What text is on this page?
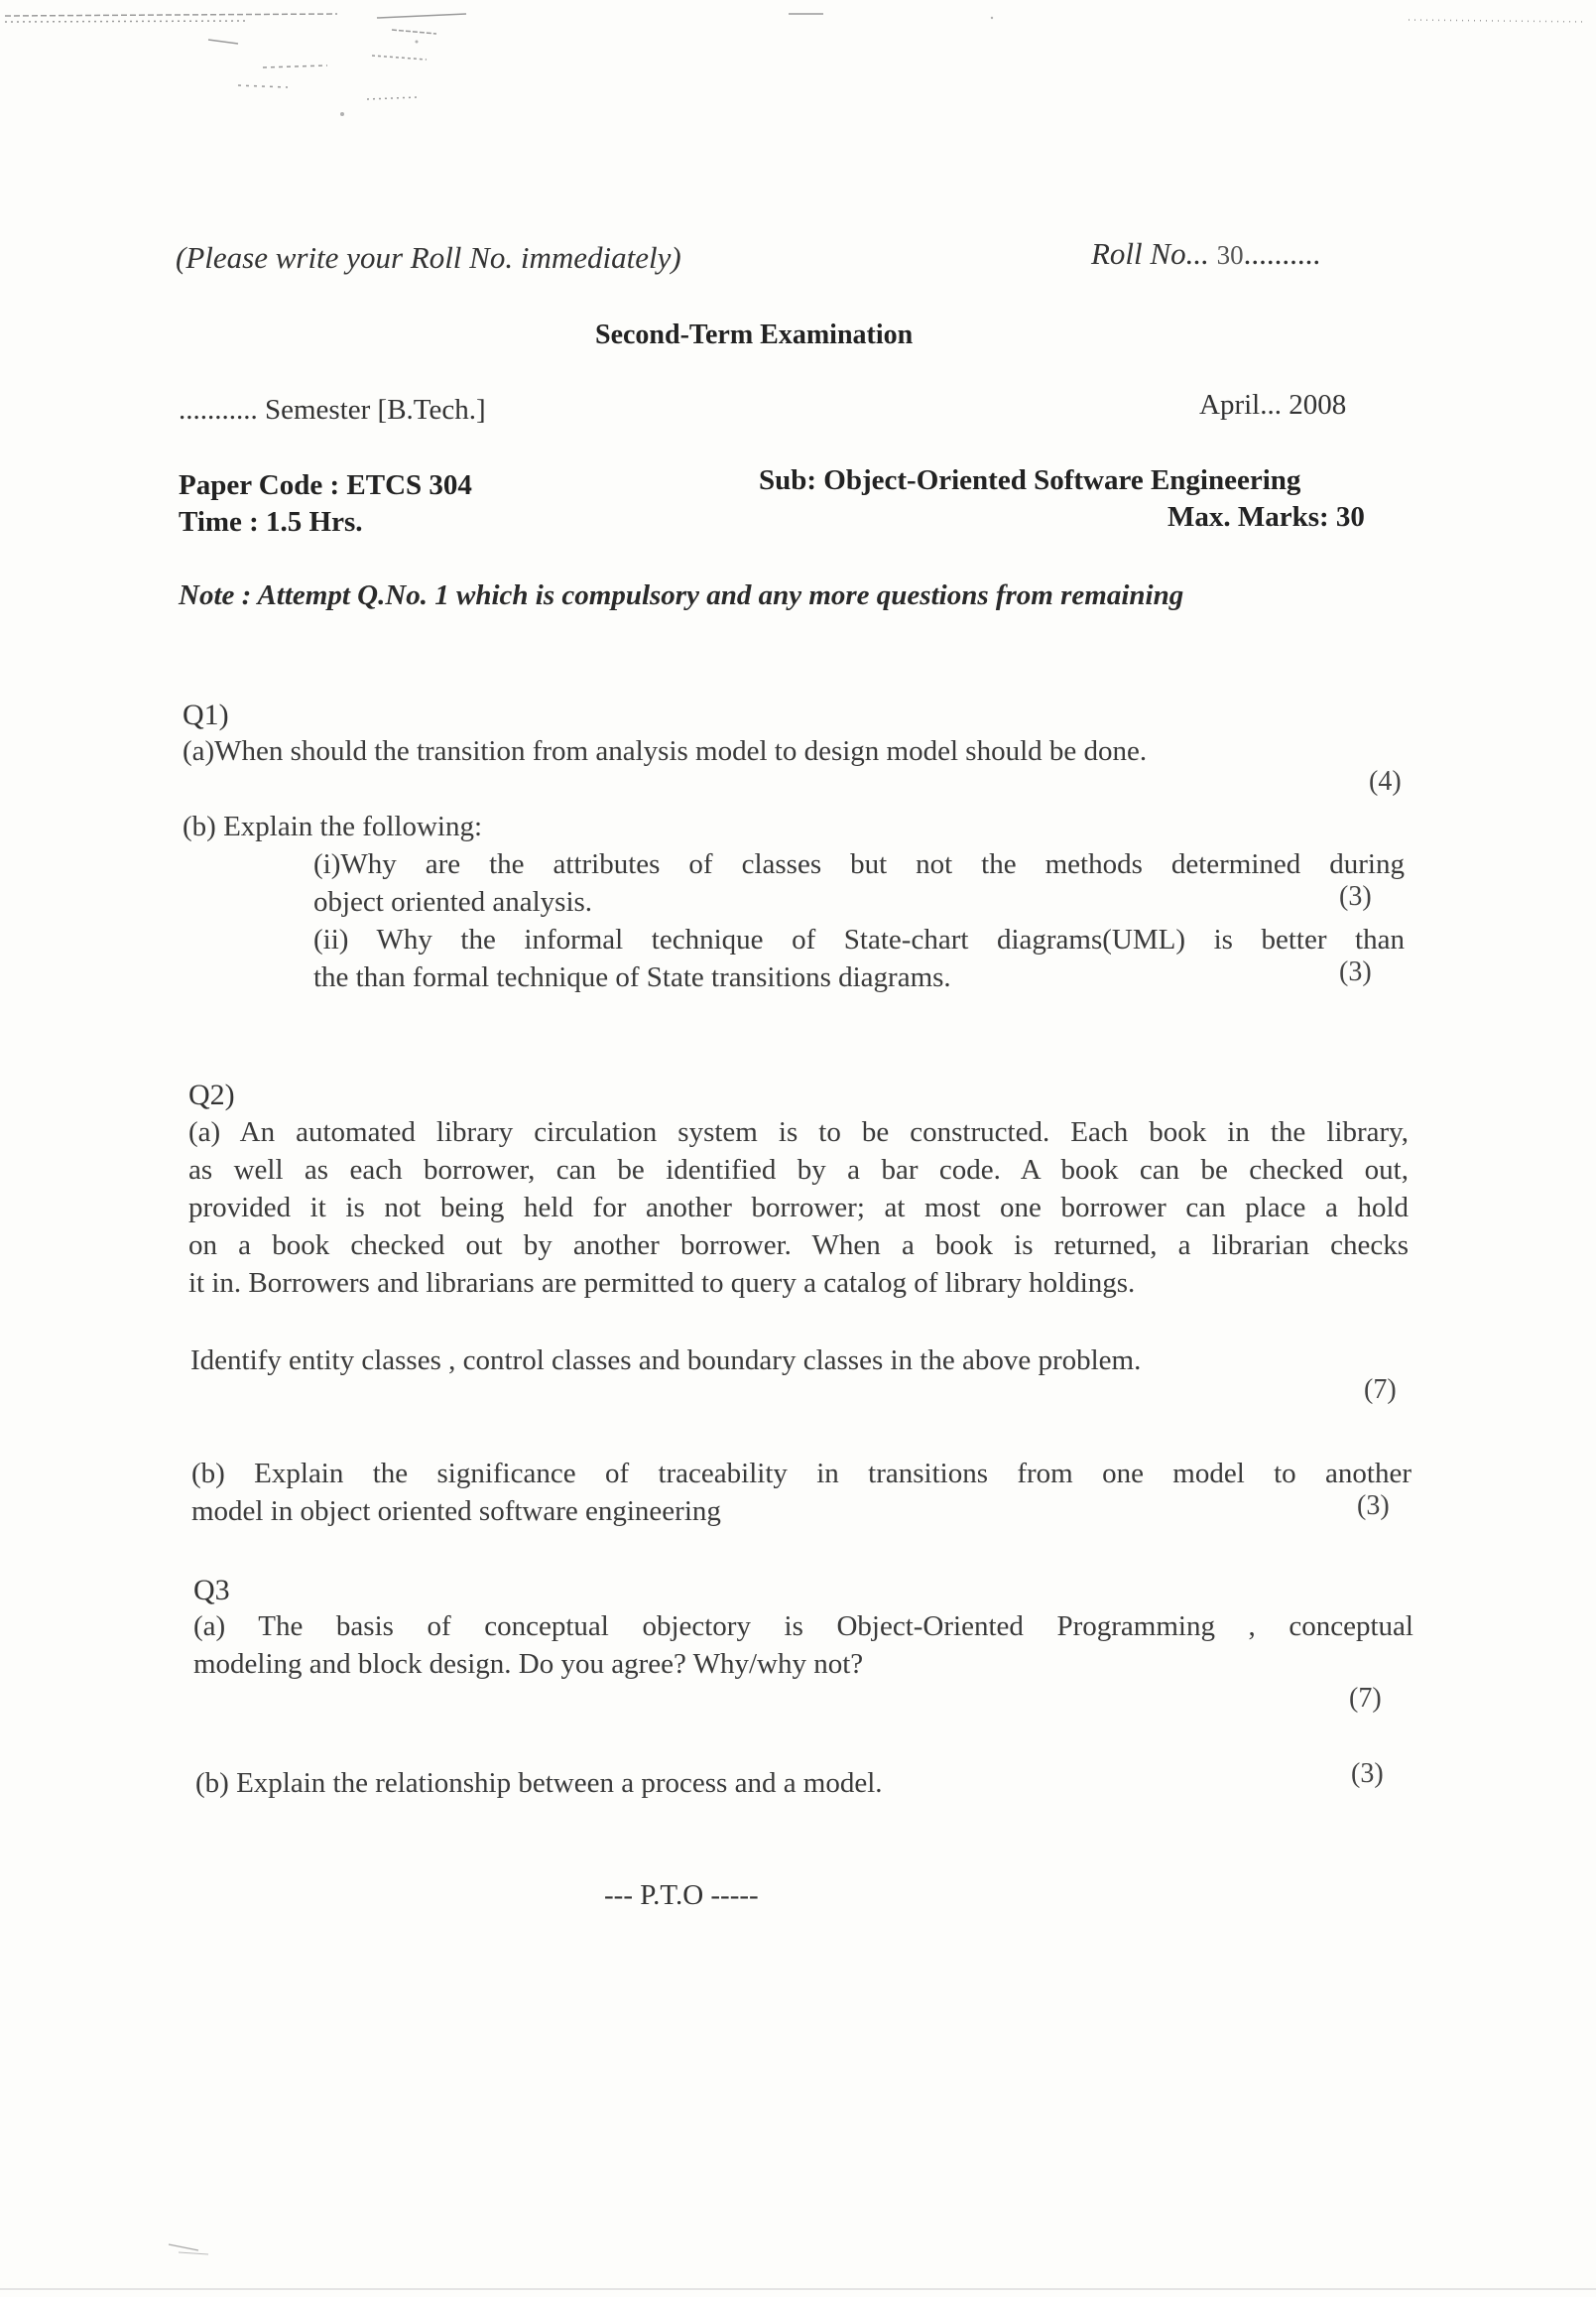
(Please write your Roll No. immediately)	Roll No... 30..........
Second-Term Examination
........... Semester [B.Tech.]	April... 2008
Paper Code : ETCS 304	Sub: Object-Oriented Software Engineering
Time : 1.5 Hrs.	Max. Marks: 30
Note : Attempt Q.No. 1 which is compulsory and any more questions from remaining
Q1)
(a)When should the transition from analysis model to design model should be done.
(4)
(b) Explain the following:
(i)Why are the attributes of classes but not the methods determined during
object oriented analysis.	(3)
(ii) Why the informal technique of State-chart diagrams(UML) is better than
the than formal technique of State transitions diagrams.	(3)
Q2)
(a) An automated library circulation system is to be constructed. Each book in the library,
as well as each borrower, can be identified by a bar code. A book can be checked out,
provided it is not being held for another borrower; at most one borrower can place a hold
on a book checked out by another borrower. When a book is returned, a librarian checks
it in. Borrowers and librarians are permitted to query a catalog of library holdings.
Identify entity classes , control classes and boundary classes in the above problem.
(7)
(b) Explain the significance of traceability in transitions from one model to another
model in object oriented software engineering	(3)
Q3
(a) The basis of conceptual objectory is Object-Oriented Programming , conceptual
modeling and block design. Do you agree? Why/why not?
(7)
(b) Explain the relationship between a process and a model.	(3)
--- P.T.O -----
